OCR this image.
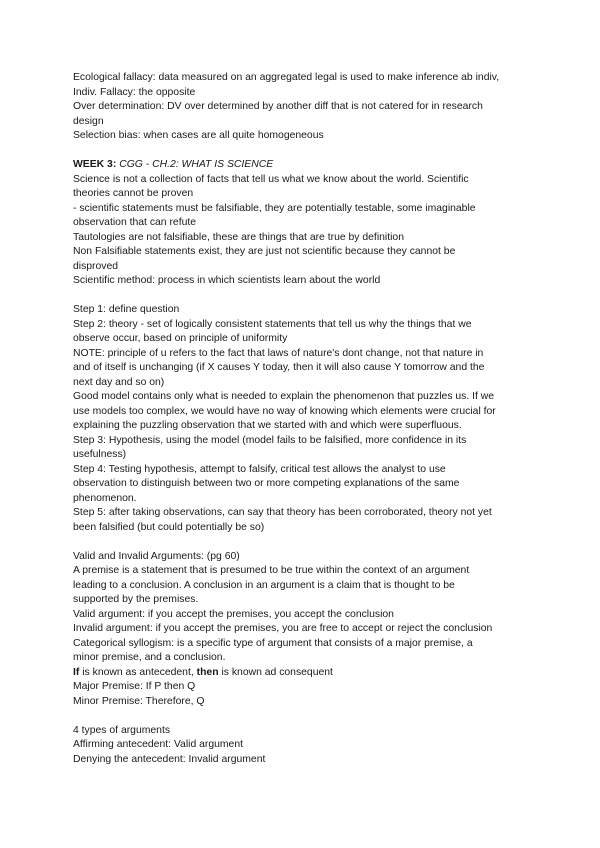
Ecological fallacy: data measured on an aggregated legal is used to make inference ab indiv,
Indiv. Fallacy: the opposite
Over determination: DV over determined by another diff that is not catered for in research
design
Selection bias: when cases are all quite homogeneous
WEEK 3: CGG - CH.2: WHAT IS SCIENCE
Science is not a collection of facts that tell us what we know about the world. Scientific
theories cannot be proven
- scientific statements must be falsifiable, they are potentially testable, some imaginable
observation that can refute
Tautologies are not falsifiable, these are things that are true by definition
Non Falsifiable statements exist, they are just not scientific because they cannot be
disproved
Scientific method: process in which scientists learn about the world
Step 1: define question
Step 2: theory - set of logically consistent statements that tell us why the things that we
observe occur, based on principle of uniformity
NOTE: principle of u refers to the fact that laws of nature's dont change, not that nature in
and of itself is unchanging (if X causes Y today, then it will also cause Y tomorrow and the
next day and so on)
Good model contains only what is needed to explain the phenomenon that puzzles us. If we
use models too complex, we would have no way of knowing which elements were crucial for
explaining the puzzling observation that we started with and which were superfluous.
Step 3: Hypothesis, using the model (model fails to be falsified, more confidence in its
usefulness)
Step 4: Testing hypothesis, attempt to falsify, critical test allows the analyst to use
observation to distinguish between two or more competing explanations of the same
phenomenon.
Step 5: after taking observations, can say that theory has been corroborated, theory not yet
been falsified (but could potentially be so)
Valid and Invalid Arguments: (pg 60)
A premise is a statement that is presumed to be true within the context of an argument
leading to a conclusion. A conclusion in an argument is a claim that is thought to be
supported by the premises.
Valid argument: if you accept the premises, you accept the conclusion
Invalid argument: if you accept the premises, you are free to accept or reject the conclusion
Categorical syllogism: is a specific type of argument that consists of a major premise, a
minor premise, and a conclusion.
If is known as antecedent, then is known ad consequent
Major Premise: If P then Q
Minor Premise: Therefore, Q
4 types of arguments
Affirming antecedent: Valid argument
Denying the antecedent: Invalid argument
